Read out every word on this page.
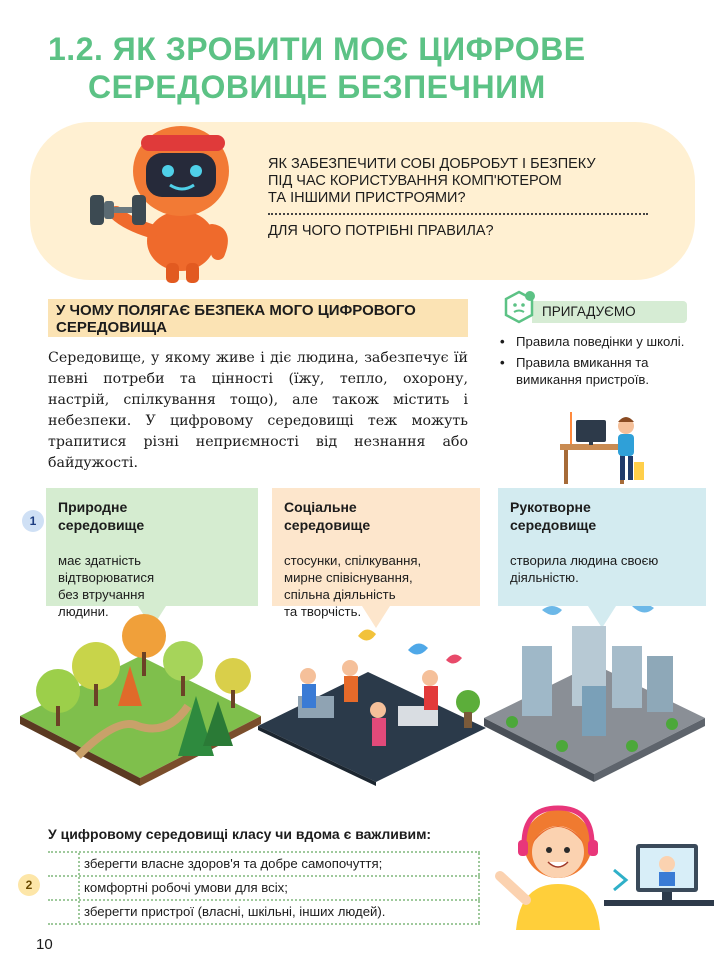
1.2. ЯК ЗРОБИТИ МОЄ ЦИФРОВЕ
СЕРЕДОВИЩЕ БЕЗПЕЧНИМ
ЯК ЗАБЕЗПЕЧИТИ СОБІ ДОБРОБУТ І БЕЗПЕКУ
ПІД ЧАС КОРИСТУВАННЯ КОМП'ЮТЕРОМ
ТА ІНШИМИ ПРИСТРОЯМИ?
ДЛЯ ЧОГО ПОТРІБНІ ПРАВИЛА?
У ЧОМУ ПОЛЯГАЄ БЕЗПЕКА МОГО ЦИФРОВОГО
СЕРЕДОВИЩА
Середовище, у якому живе і діє людина, забезпечує їй певні потреби та цінності (їжу, тепло, охорону, настрій, спілкування тощо), але також містить і небезпеки. У цифровому середовищі теж можуть трапитися різні неприємності від незнання або байдужості.
ПРИГАДУЄМО
• Правила поведінки у школі.
• Правила вмикання та вимикання пристроїв.
1
Природне
середовище
має здатність
відтворюватися
без втручання
людини.
Соціальне
середовище
стосунки, спілкування,
мирне співіснування,
спільна діяльність
та творчість.
Рукотворне
середовище
створила людина своєю
діяльністю.
У цифровому середовищі класу чи вдома є важливим:
2
зберегти власне здоров'я та добре самопочуття;
комфортні робочі умови для всіх;
зберегти пристрої (власні, шкільні, інших людей).
10
